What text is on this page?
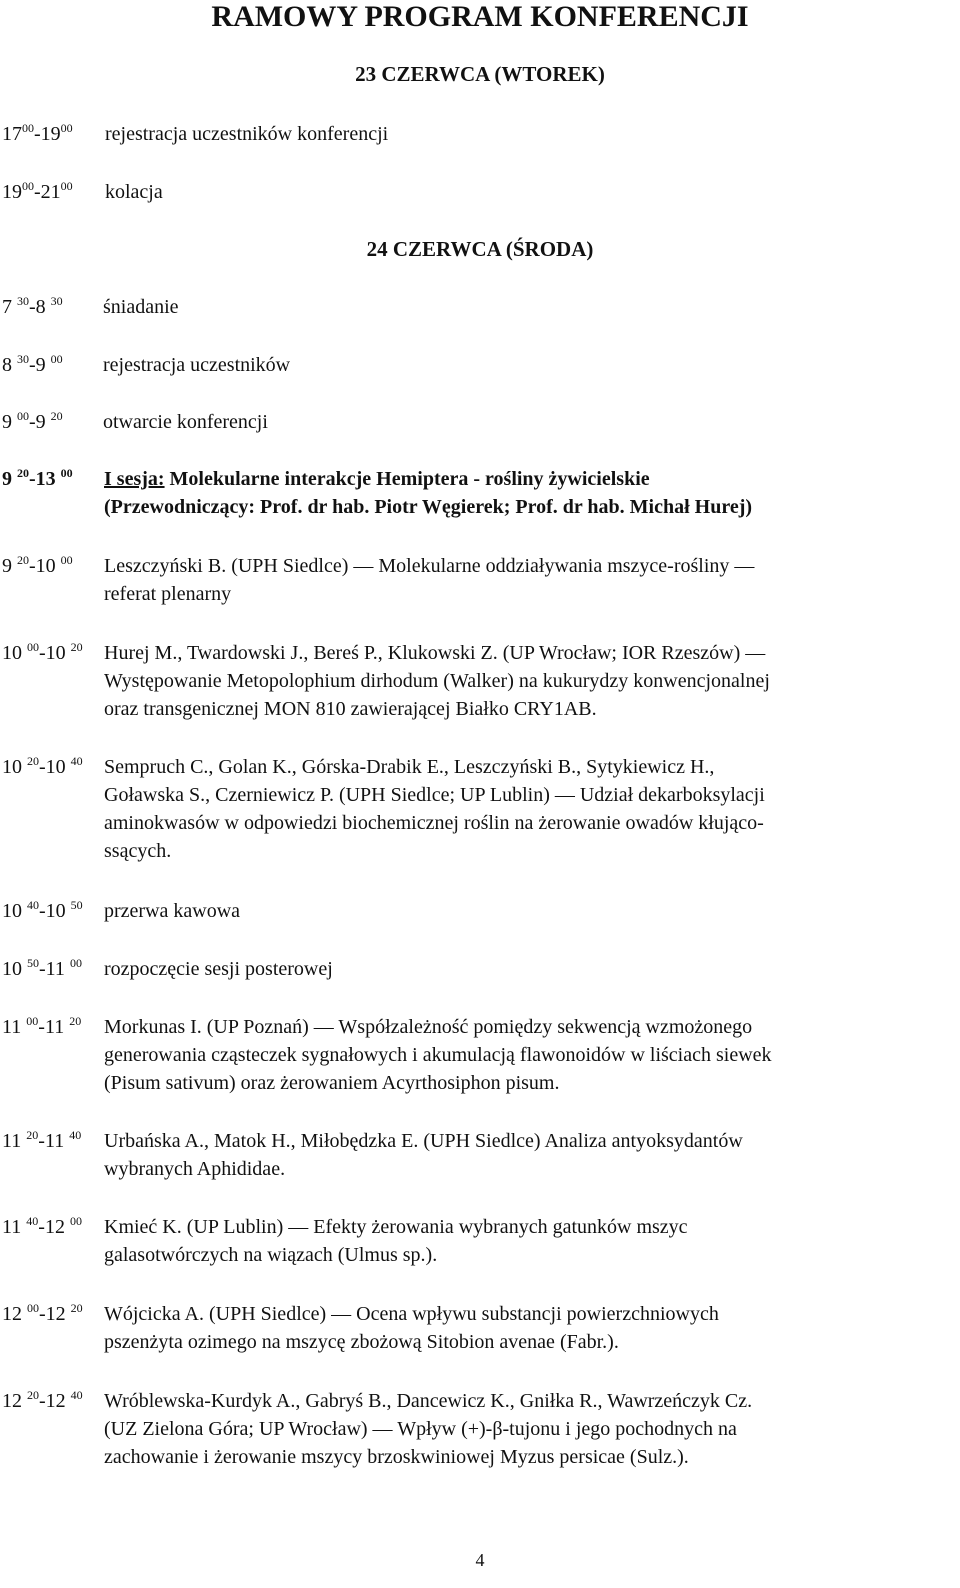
RAMOWY PROGRAM KONFERENCJI
23 CZERWCA (WTOREK)
$17^{00}-19^{00}$ rejestracja uczestników konferencji
$19^{00}-21^{00}$ kolacja
24 CZERWCA (ŚRODA)
7 $^{30}$-8 $^{30}$ śniadanie
8 $^{30}$-9 $^{00}$ rejestracja uczestników
9 $^{00}$-9 $^{20}$ otwarcie konferencji
9 $^{20}$-13 $^{00}$ I sesja: Molekularne interakcje Hemiptera - rośliny żywicielskie
(Przewodniczący: Prof. dr hab. Piotr Węgierek; Prof. dr hab. Michał Hurej)
9 $^{20}$-10 $^{00}$ Leszczyński B. (UPH Siedlce) ― Molekularne oddziaływania mszyce-rośliny ―
referat plenarny
10 $^{00}$-10 $^{20}$ Hurej M., Twardowski J., Bereś P., Klukowski Z. (UP Wrocław; IOR Rzeszów) ―
Występowanie Metopolophium dirhodum (Walker) na kukurydzy konwencjonalnej
oraz transgenicznej MON 810 zawierającej Białko CRY1AB.
10 $^{20}$-10 $^{40}$ Sempruch C., Golan K., Górska-Drabik E., Leszczyński B., Sytykiewicz H.,
Goławska S., Czerniewicz P. (UPH Siedlce; UP Lublin) ― Udział dekarboksylacji
aminokwasów w odpowiedzi biochemicznej roślin na żerowanie owadów kłująco-
ssących.
10 $^{40}$-10 $^{50}$ przerwa kawowa
10 $^{50}$-11 $^{00}$ rozpoczęcie sesji posterowej
11 $^{00}$-11 $^{20}$ Morkunas I. (UP Poznań) ― Współzależność pomiędzy sekwencją wzmożonego
generowania cząsteczek sygnałowych i akumulacją flawonoidów w liściach siewek
(Pisum sativum) oraz żerowaniem Acyrthosiphon pisum.
11 $^{20}$-11 $^{40}$ Urbańska A., Matok H., Miłobędzka E. (UPH Siedlce) Analiza antyoksydantów
wybranych Aphididae.
11 $^{40}$-12 $^{00}$ Kmieć K. (UP Lublin) ― Efekty żerowania wybranych gatunków mszyc
galasotwórczych na wiązach (Ulmus sp.).
12 $^{00}$-12 $^{20}$ Wójcicka A. (UPH Siedlce) ― Ocena wpływu substancji powierzchniowych
pszenżyta ozimego na mszycę zbożową Sitobion avenae (Fabr.).
12 $^{20}$-12 $^{40}$ Wróblewska-Kurdyk A., Gabryś B., Dancewicz K., Gniłka R., Wawrzeńczyk Cz.
(UZ Zielona Góra; UP Wrocław) ― Wpływ (+)-β-tujonu i jego pochodnych na
zachowanie i żerowanie mszycy brzoskwiniowej Myzus persicae (Sulz.).
4
